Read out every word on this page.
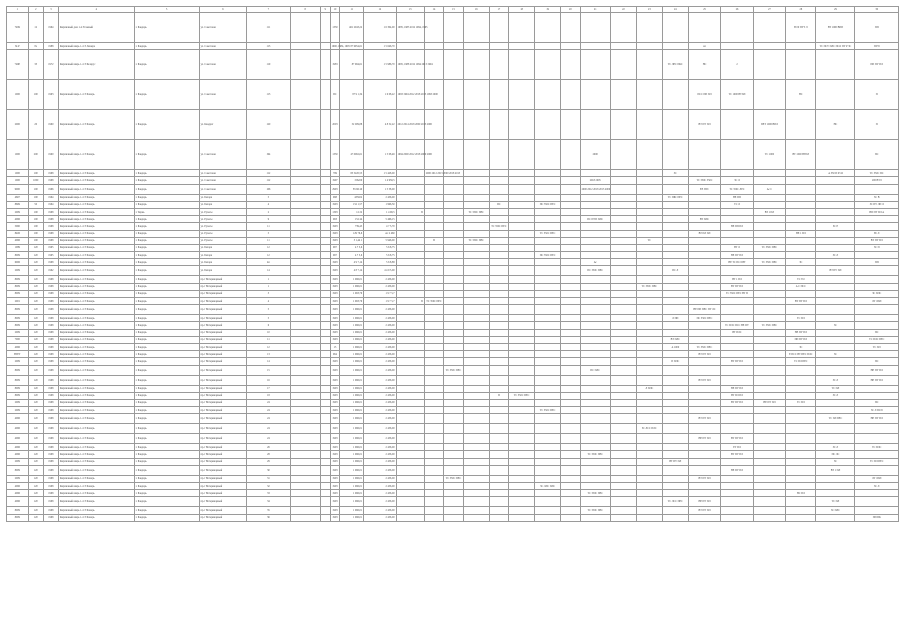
1	2	3	4	5	6	7	8	9	10	11	12	13	14	15	16	17	18	19	20	21	22	23	24	25	26	27	28	29	30
7499	12	1964	Кирпичный дом 1-4 Этажный	г. Бандарь	ул. Советская	111			1330	461 2043,22	1 6 304,00	1985, 1983 2012 1994, 1995															В 00 ПУТ Л	ВТ 1000 ВПП	ПП
8s P	8s	1988	Кирпичный ширь 1-4 Э Лешера	г. Бандарь	ул. Советская	113			1990, 1984, 1995	87 9954,61	1 5 646,70													Ас				ТС ПСУ ПЛС ПСО ПУ Р 3С	ПУП
749Р	33	1972	Кирпичный ширь 1-4 Э Беларус	г. Бандарь	ул. Советская	119			1983	87 994,61	1 5 986,70	1995, 1988 2012 1994 2013 1994											ТС ЛЕС ПКС	НС	2				ПП ПУ ПЛ
1000	100	1993	Кирпичный ширь 1-4 Э Бомарь	г. Бандарь	ул. Советская	113			ПС	87 9 1,34	1 6 08,22	1993 1994 2012 2018 2013 1993 2000												ПСС ПП ПЛ	ТС 1000 ВТПЛ		НС		П
2000	20	1960	Кирпичный ширь 1-4 Э Бомарь	г. Бандарь	ул. Квадрат	120			2003	52 009,88	4 8 52,22	2012 2014 2018 2000 2013 2000												ВТ ПУ ПЛ		ПЕТ 1000 ВПЛ		НС	П
1000	200	1990	Кирпичный ширь 1-4 Э Бомарь	г. Бандарь	ул. Советская	194			1330	47 0062,61	1 5 08,49	1994 2000 2012 2018 2000 2000								2000						ТС 1000	ВТ 1000 ВТПЛ		ПС
1000	100	1968	Кирпичный ширь 1-4 Э Бомарь	г. Бандарь	ул. Советская	112			799	83 5220,55	1 5 428,00		2000 2012 2013 2000 2018 2013										ЗС					А 350 П 63 Я	ТС 350С ПС
1000	1000	1968	Кирпичный ширь 1-4 Э Бомарь	г. Бандарь	ул. Советская	112			1997	156220	1 4 956,5									2018 2005				ТС 350С 350С	ЗС Л				200 ВТЛ
9000	100	1966	Кирпичный ширь 1-4 Э Бомарь	г. Бандарь	ул. Советская	106			2993	85 66 40	1 5 58,00									2000 2012 2018 2013 2000				ЕЕ ПТС	ТС 350С ЛЕС	Ас С			
4667	100	1964	Кирпичный ширь 1-4 Э Бомарь	г. Бандарь	ул. Бахаря	5			998	433022	2 456,00												ТС ПБС ПЕС		НЕ ПП				ЗС В
8669	50	1964	Кирпичный ширь 1-4 Э Бомарь	г. Бандарь	ул. Бахаря	4			1993	152 1,57	1 996,50					ПС		ПС 350С ПЕС							ТС Л				ЗС ПУ ЛП Л
2009	100	1968	Кирпичный ширь 1-4 Э Бомарь	г. Чернь	ул. Рулесы	2			1393	12 22	1 4 06,5	П			ТС 350С ПЕС											ВТ 1 ПЛ			ВП ПУ ПЛ А
4066	100	1968	Кирпичный ширь 1-4 Э Бомарь	г. Бандарь	ул. Рулесы	9			993	152 44	5 466,15									ПС ПУП ПЛС				ВТ ПЛС					
5060	100	1968	Кирпичный ширь 1-4 Э Бомарь	г. Бандарь	ул. Рулесы	11			1993	739,45	4 7 5,70					ТС 350С ПЕС									НЕ ПП ПЛ			ЗС Е	
8406	100	1968	Кирпичный ширь 1-4 Э Бомарь	г. Бандарь	ул. Рулесы	5			1993	129 76,6	Ас 2 460							ТС 350С ПЕС						ВТ ПЛ ПЛ			НЕ 1 ПЛ		Вс Л
4066	100	1968	Кирпичный ширь 1-4 Э Бомарь	г. Бандарь	ул. Рулесы	11			1993	3 1,44 1	5 946,00		П		ТС 350С ПЕС							ТС							ВТ ПУ ПЛ
1089	120	1995	Кирпичный ширь 1-4 Э Бомарь	г. Бандарь	ул. Бахаря	12			997	4 7 5,6	5 6 8,75														ВТ Л	ТС 350С ПЕС			ЗС П
8009	120	1995	Кирпичный ширь 1-4 Э Бомарь	г. Бандарь	ул. Бахаря	12			997	4 7 5,6	5 6 8,75							ПС 350С ПЕС							НЕ ПУ ПЛ			ЗС Л	
6006	120	1968	Кирпичный ширь 1-4 Э Бомарь	г. Бандарь	ул. Бахаря	4п			1993	4 9 7,14	5 6 8,88									Ас					НЕ ТС ПСЛ ВТ	ТС 350С ПЕС	ЗС		ПП
2009	120	1962	Кирпичный ширь 1-4 Э Бомарь	г. Бандарь	ул. Бахаря	14			1993	4 8 7,14	4 4 9 5,00									ПС 350С ПЕС			ПС Л					ВТ ПУ ПЛ	
8009	120	1968	Кирпичный ширь 1-4 Э Бомарь	г. Бандарь	пр-т Ветеринарный	1			1993	1 996,01	2 456,00														ВТ 1 ПЛ		ТС ТО		
8009	120	1968	Кирпичный ширь 1-4 Э Бомарь	г. Бандарь	пр-т Ветеринарный	1			1993	1 996,01	2 456,00											ТС 350С ПЕС			ВТ ПУ ПЛ		А С ПСС		
8009	120	1968	Кирпичный ширь 1-4 Э Бомарь	г. Бандарь	пр-т Ветеринарный	3			1993	1 993,79	1 9 7 5,7														ТС 350С ПЕС ВТ П				ЗС ПЛС
2001	120	1968	Кирпичный ширь 1-4 Э Бомарь	г. Бандарь	пр-т Ветеринарный	4			1993	1 993,79	1 9 7 5,7	П	ТС 350С ПЕС														ВТ ПУ ПЛ		ЛТ ЛПЛ
8009	120	1968	Кирпичный ширь 1-4 Э Бомарь	г. Бандарь	пр-т Ветеринарный	5			1993	1 996,01	2 456,00													НЕ ПП ПЕС ПУ ЛС					
8009	120	1968	Кирпичный ширь 1-4 Э Бомарь	г. Бандарь	пр-т Ветеринарный	5			1993	1 996,01	2 456,00												Л ПП	ПС 350С ПЕС			ТС ПЛ		
8009	120	1968	Кирпичный ширь 1-4 Э Бомарь	г. Бандарь	пр-т Ветеринарный	6			1993	1 996,01	2 456,00														ТС ПЛС ПСС НЕ ПУ	ТС 350С ПЕС		ЗС	
2009	120	1968	Кирпичный ширь 1-4 Э Бомарь	г. Бандарь	пр-т Ветеринарный	10			1993	1 996,01	2 456,00														ВТ ПЛС		НЕ ПУ ПЛ		ПС
7000	120	1968	Кирпичный ширь 1-4 Э Бомарь	г. Бандарь	пр-т Ветеринарный	11			1993	1 996,01	2 456,00												ВТ ПЛС				ПП ПУ ПЛ		ТС ПЛС ПЕС
4066	120	1968	Кирпичный ширь 1-4 Э Бомарь	г. Бандарь	пр-т Ветеринарный	12			15	1 996,01	2 456,00												А 1000	ТС 350С ПЕС			ЗС		ТС ПЛ
ВТРТ	120	1968	Кирпичный ширь 1-4 Э Бомарь	г. Бандарь	пр-т Ветеринарный	13			964	1 996,01	2 456,00													ВТ ПУ ПЛ			Е ПСС ВТ ПЕС ПЛС	ЗС	
2009	120	1968	Кирпичный ширь 1-4 Э Бомарь	г. Бандарь	пр-т Ветеринарный	14			1993	1 996,01	2 456,00												П ПЛС		ВТ ПУ ПЛ		ТС ПЛ ПЕС		ПС
8009	120	1968	Кирпичный ширь 1-4 Э Бомарь	г. Бандарь	пр-т Ветеринарный	15			1993	1 996,01	2 456,00			ТС 350С ПЕС						ПС ПЛС									НЕ ПУ ПЛ
8009	120	1968	Кирпичный ширь 1-4 Э Бомарь	г. Бандарь	пр-т Ветеринарный	16			1993	1 996,01	2 456,00													ВТ ПУ ПЛ				ЗС Л	НЕ ПУ ПЛ
8009	120	1968	Кирпичный ширь 1-4 Э Бомарь	г. Бандарь	пр-т Ветеринарный	17			1993	1 996,01	2 456,00											Л ПЛС			НЕ ПУ ПЛ			ТС ПЛ	
8009	120	1968	Кирпичный ширь 1-4 Э Бомарь	г. Бандарь	пр-т Ветеринарный	18			1993	1 996,01	2 456,00					П	ТС 350С ПЕС								ВТ ПЛ ПЛ			ЗС Л	
2009	120	1968	Кирпичный ширь 1-4 Э Бомарь	г. Бандарь	пр-т Ветеринарный	24			1993	1 996,01	2 456,00														ВТ ПУ ПЛ	НЕ ПУ ПЛ	ТС ПЛ		ПС
2009	120	1968	Кирпичный ширь 1-4 Э Бомарь	г. Бандарь	пр-т Ветеринарный	24			1993	1 996,01	2 456,00							ТС 350С ПЕС											ЗС Л ПСП
4066	120	1968	Кирпичный ширь 1-4 Э Бомарь	г. Бандарь	пр-т Ветеринарный	24			1993	1 996,01	2 456,00													ВТ ПУ ПЛ				ТС ПЛ ПЕС	НЕ ПУ ПЛ
4066	120	1968	Кирпичный ширь 1-4 Э Бомарь	г. Бандарь	пр-т Ветеринарный	24			1993	1 996,01	2 456,00											ЗС ЛСС ПЛС							
4066	120	1968	Кирпичный ширь 1-4 Э Бомарь	г. Бандарь	пр-т Ветеринарный	24			1993	1 996,01	2 456,00													НЕ ПУ ПЛ	ВТ ПУ ПЛ				
4066	120	1968	Кирпичный ширь 1-4 Э Бомарь	г. Бандарь	пр-т Ветеринарный	26			1993	1 996,01	2 456,00														ЕТ ПЛ			ЗС Л	ТС ПЛС
4066	120	1968	Кирпичный ширь 1-4 Э Бомарь	г. Бандарь	пр-т Ветеринарный	28			1993	1 996,01	2 456,00									ТС 350С ПЕС					ВТ ПУ ПЛ			ПС ЛС	
2009	120	1968	Кирпичный ширь 1-4 Э Бомарь	г. Бандарь	пр-т Ветеринарный	29			1993	1 996,01	2 456,00												ВТ ПУ ПЛ					ЗС	ТС ПЛ ПЕС
8009	120	1968	Кирпичный ширь 1-4 Э Бомарь	г. Бандарь	пр-т Ветеринарный	30			1993	1 996,01	2 456,00														НЕ ПУ ПЛ			ВТ 1 ПЛ	
2009	120	1968	Кирпичный ширь 1-4 Э Бомарь	г. Бандарь	пр-т Ветеринарный	31			1993	1 996,01	2 456,00			ТС 350С ПЕС										ВТ ПУ ПЛ					ЛТ ЛПЛ
4066	120	1968	Кирпичный ширь 1-4 Э Бомарь	г. Бандарь	пр-т Ветеринарный	32			1993	1 996,01	2 456,00							ЗС ЛЛС ПЛС											ЗС Л
4066	120	1968	Кирпичный ширь 1-4 Э Бомарь	г. Бандарь	пр-т Ветеринарный	33			1993	1 996,01	2 456,00									ТС 350С ПЕС							НС ПЛ		
4066	120	1968	Кирпичный ширь 1-4 Э Бомарь	г. Бандарь	пр-т Ветеринарный	34			1993	1 996,01	2 456,00												ТС ЛСС ПЕС	НЕ ПУ ПЛ				ТС ПЛ	
8009	120	1968	Кирпичный ширь 1-4 Э Бомарь	г. Бандарь	пр-т Ветеринарный	35			1993	1 996,01	2 456,00									ТС 350С ПЕС				ВТ ПУ ПЛ				ЗС ПЛС	
8009	120	1968	Кирпичный ширь 1-4 Э Бомарь	г. Бандарь	пр-т Ветеринарный	36			1993	1 996,01	2 456,00																		ПП ПК
